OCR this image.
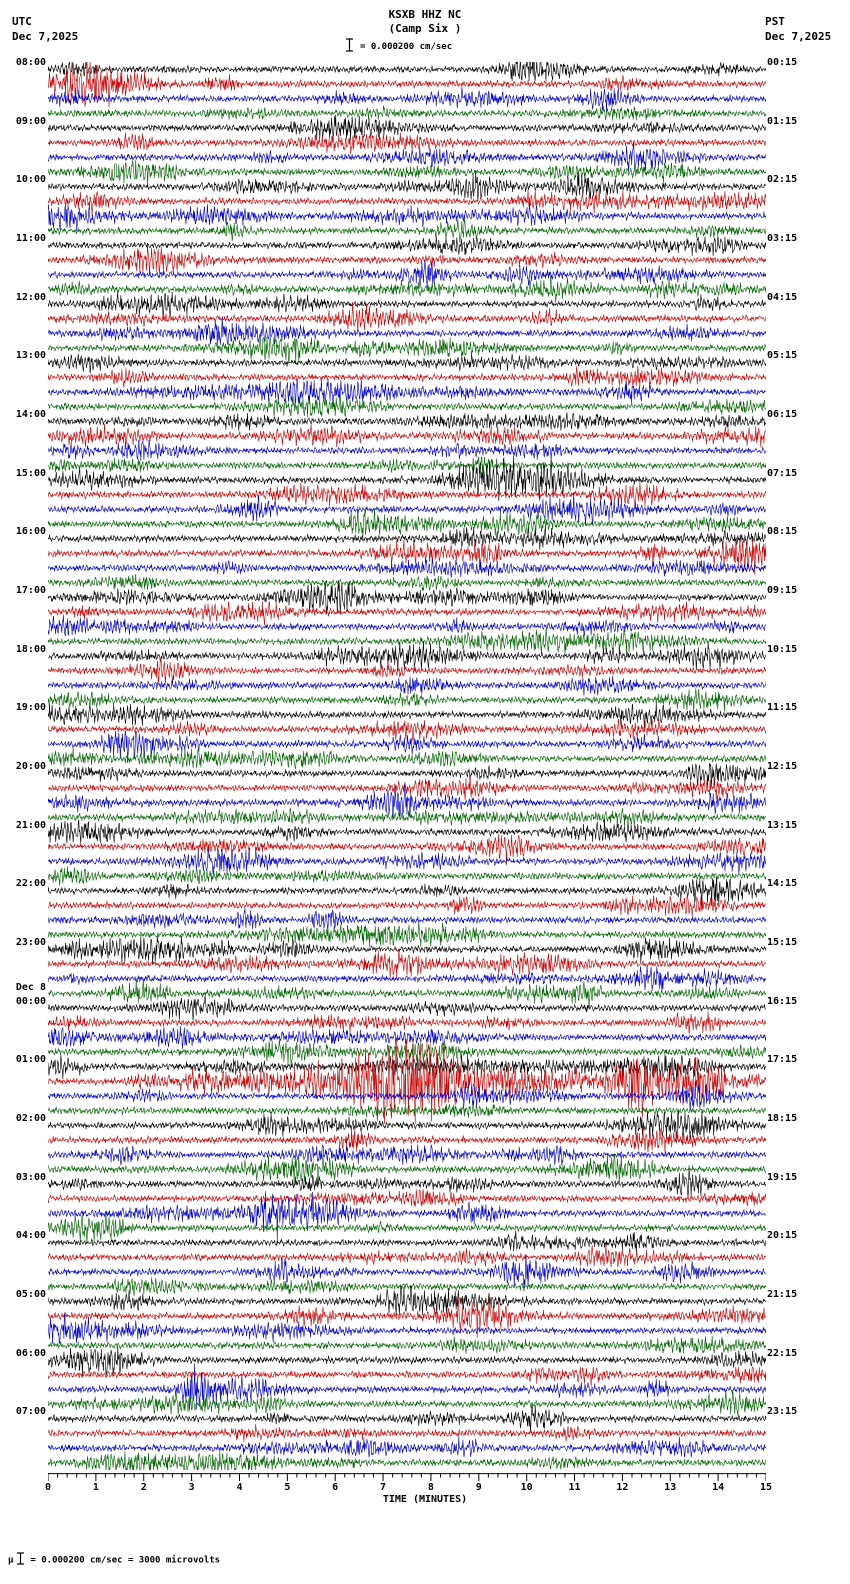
UTC
Dec 7,2025
KSXB HHZ NC
(Camp Six )
PST
Dec 7,2025
= 0.000200 cm/sec
08:00
09:00
10:00
11:00
12:00
13:00
14:00
15:00
16:00
17:00
18:00
19:00
20:00
21:00
22:00
23:00
00:00
01:00
02:00
03:00
04:00
05:00
06:00
07:00
Dec 8
00:15
01:15
02:15
03:15
04:15
05:15
06:15
07:15
08:15
09:15
10:15
11:15
12:15
13:15
14:15
15:15
16:15
17:15
18:15
19:15
20:15
21:15
22:15
23:15
0	1	2	3	4	5	6	7	8	9	10	11	12	13	14	15
TIME (MINUTES)
µ = 0.000200 cm/sec = 3000 microvolts
